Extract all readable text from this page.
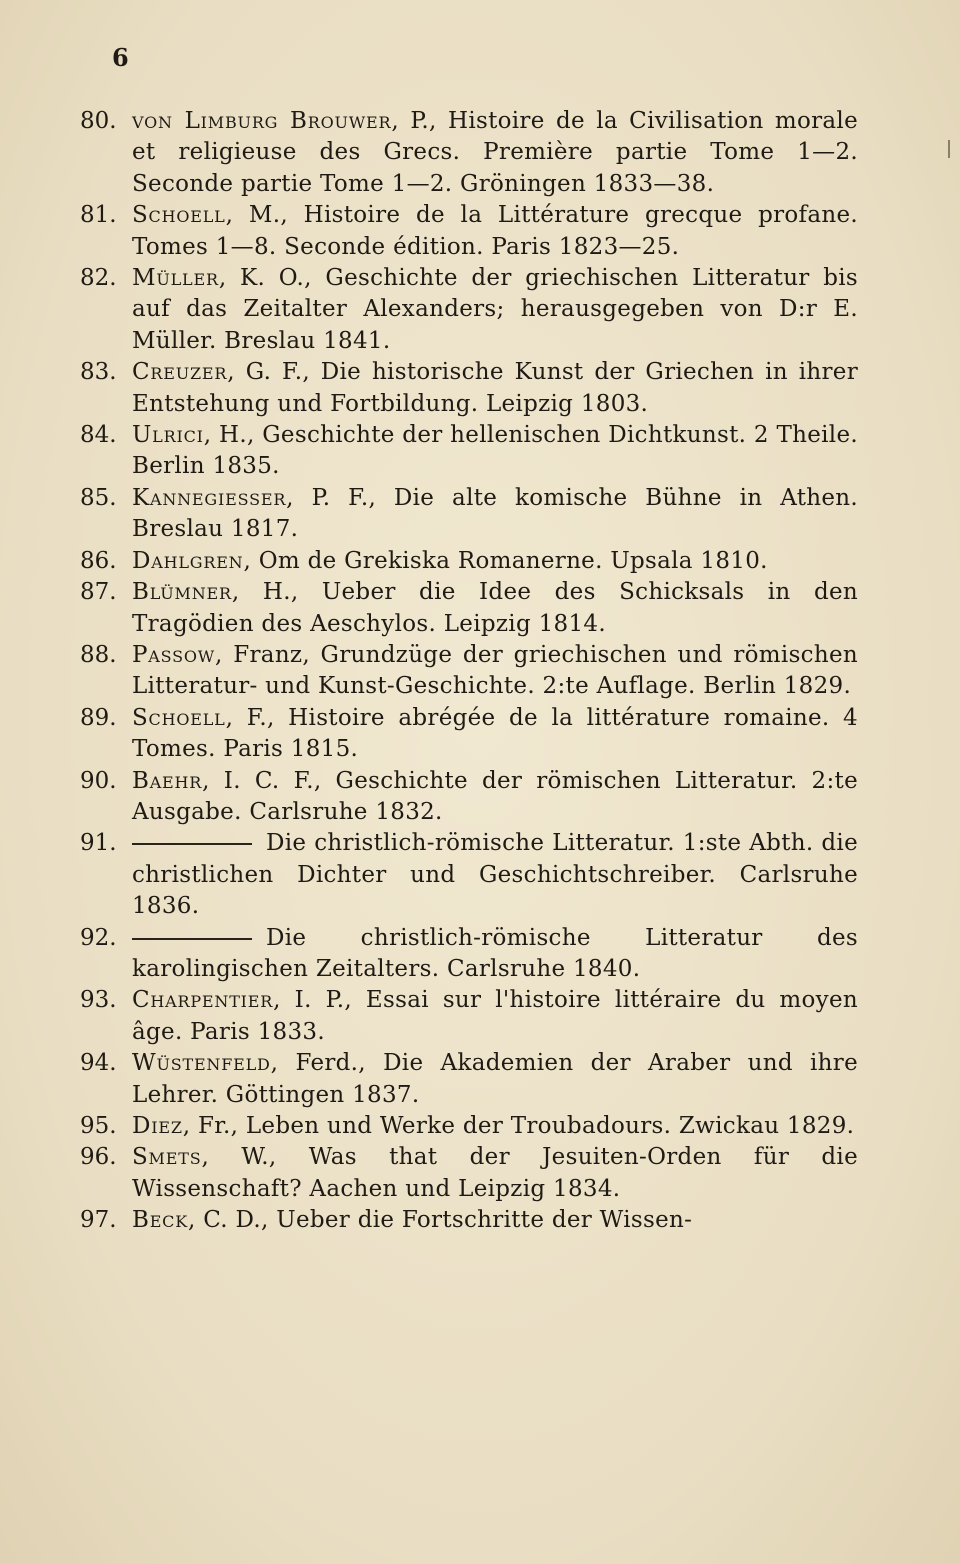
6
80. von Limburg Brouwer, P., Histoire de la Civilisation morale et religieuse des Grecs. Première partie Tome 1—2. Seconde partie Tome 1—2. Gröningen 1833—38.
81. Schoell, M., Histoire de la Littérature grecque profane. Tomes 1—8. Seconde édition. Paris 1823—25.
82. Müller, K. O., Geschichte der griechischen Litteratur bis auf das Zeitalter Alexanders; herausgegeben von D:r E. Müller. Breslau 1841.
83. Creuzer, G. F., Die historische Kunst der Griechen in ihrer Entstehung und Fortbildung. Leipzig 1803.
84. Ulrici, H., Geschichte der hellenischen Dichtkunst. 2 Theile. Berlin 1835.
85. Kannegiesser, P. F., Die alte komische Bühne in Athen. Breslau 1817.
86. Dahlgren, Om de Grekiska Romanerne. Upsala 1810.
87. Blümner, H., Ueber die Idee des Schicksals in den Tragödien des Aeschylos. Leipzig 1814.
88. Passow, Franz, Grundzüge der griechischen und römischen Litteratur- und Kunst-Geschichte. 2:te Auflage. Berlin 1829.
89. Schoell, F., Histoire abrégée de la littérature romaine. 4 Tomes. Paris 1815.
90. Baehr, I. C. F., Geschichte der römischen Litteratur. 2:te Ausgabe. Carlsruhe 1832.
91.	Die christlich-römische Litteratur. 1:ste Abth. die christlichen Dichter und Geschichtschreiber. Carlsruhe 1836.
92.	Die christlich-römische Litteratur des karolingischen Zeitalters. Carlsruhe 1840.
93. Charpentier, I. P., Essai sur l'histoire littéraire du moyen âge. Paris 1833.
94. Wüstenfeld, Ferd., Die Akademien der Araber und ihre Lehrer. Göttingen 1837.
95. Diez, Fr., Leben und Werke der Troubadours. Zwickau 1829.
96. Smets, W., Was that der Jesuiten-Orden für die Wissenschaft? Aachen und Leipzig 1834.
97. Beck, C. D., Ueber die Fortschritte der Wissen-
